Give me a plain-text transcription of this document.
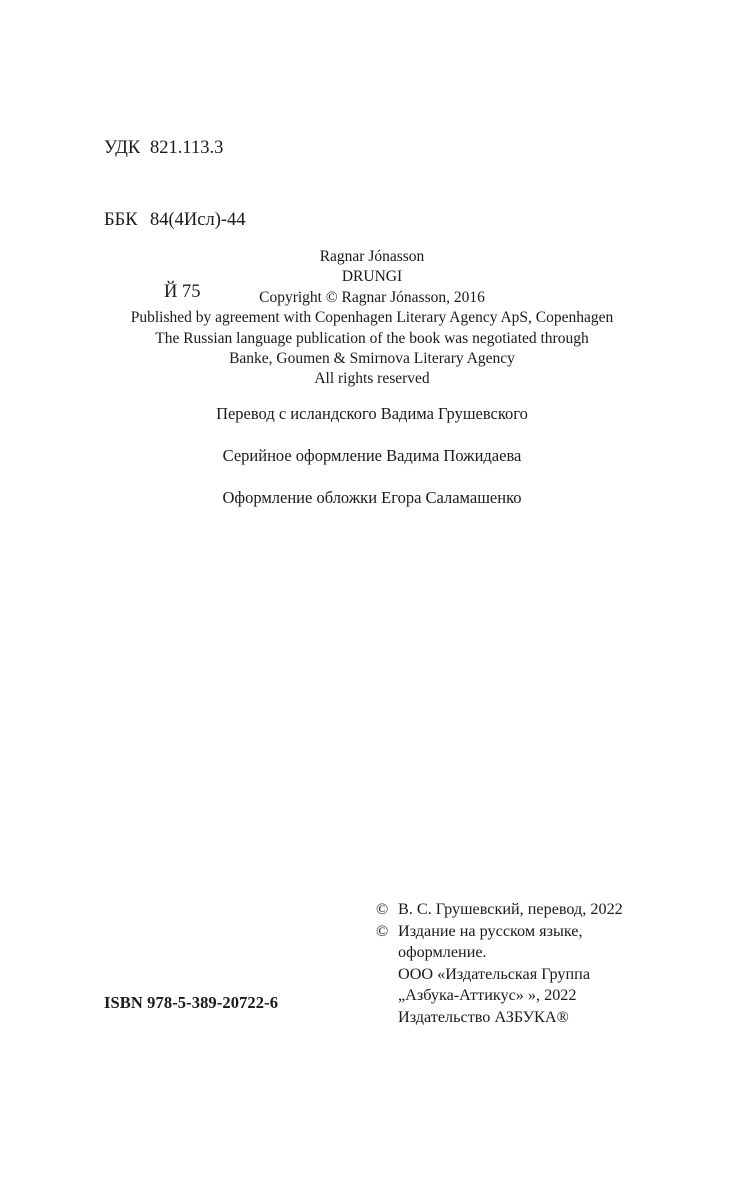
УДК 821.113.3

ББК 84(4Исл)-44

Й 75

Ragnar Jónasson
DRUNGI
Copyright © Ragnar Jónasson, 2016
Published by agreement with Copenhagen Literary Agency ApS, Copenhagen
The Russian language publication of the book was negotiated through
Banke, Goumen & Smirnova Literary Agency
All rights reserved
Перевод с исландского Вадима Грушевского
Серийное оформление Вадима Пожидаева
Оформление обложки Егора Саламашенко
© В. С. Грушевский, перевод, 2022
© Издание на русском языке,
оформление.
ООО «Издательская Группа
„Азбука-Аттикус» », 2022
Издательство АЗБУКА®
ISBN 978-5-389-20722-6
